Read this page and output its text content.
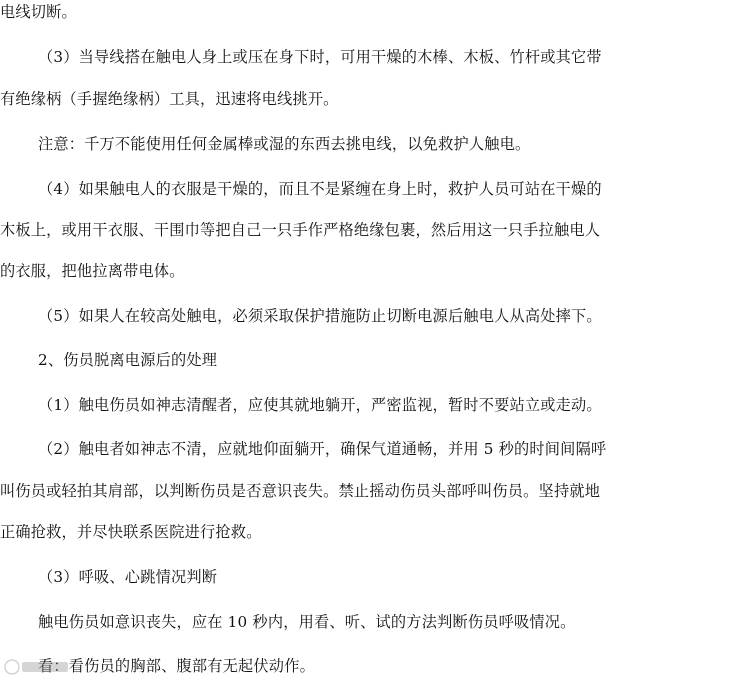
电线切断。
（3）当导线搭在触电人身上或压在身下时，可用干燥的木棒、木板、竹杆或其它带
有绝缘柄（手握绝缘柄）工具，迅速将电线挑开。
注意：千万不能使用任何金属棒或湿的东西去挑电线，以免救护人触电。
（4）如果触电人的衣服是干燥的，而且不是紧缠在身上时，救护人员可站在干燥的
木板上，或用干衣服、干围巾等把自己一只手作严格绝缘包裹，然后用这一只手拉触电人
的衣服，把他拉离带电体。
（5）如果人在较高处触电，必须采取保护措施防止切断电源后触电人从高处摔下。
2、伤员脱离电源后的处理
（1）触电伤员如神志清醒者，应使其就地躺开，严密监视，暂时不要站立或走动。
（2）触电者如神志不清，应就地仰面躺开，确保气道通畅，并用 5 秒的时间间隔呼
叫伤员或轻拍其肩部，以判断伤员是否意识丧失。禁止摇动伤员头部呼叫伤员。坚持就地
正确抢救，并尽快联系医院进行抢救。
（3）呼吸、心跳情况判断
触电伤员如意识丧失，应在 10 秒内，用看、听、试的方法判断伤员呼吸情况。
看：看伤员的胸部、腹部有无起伏动作。
